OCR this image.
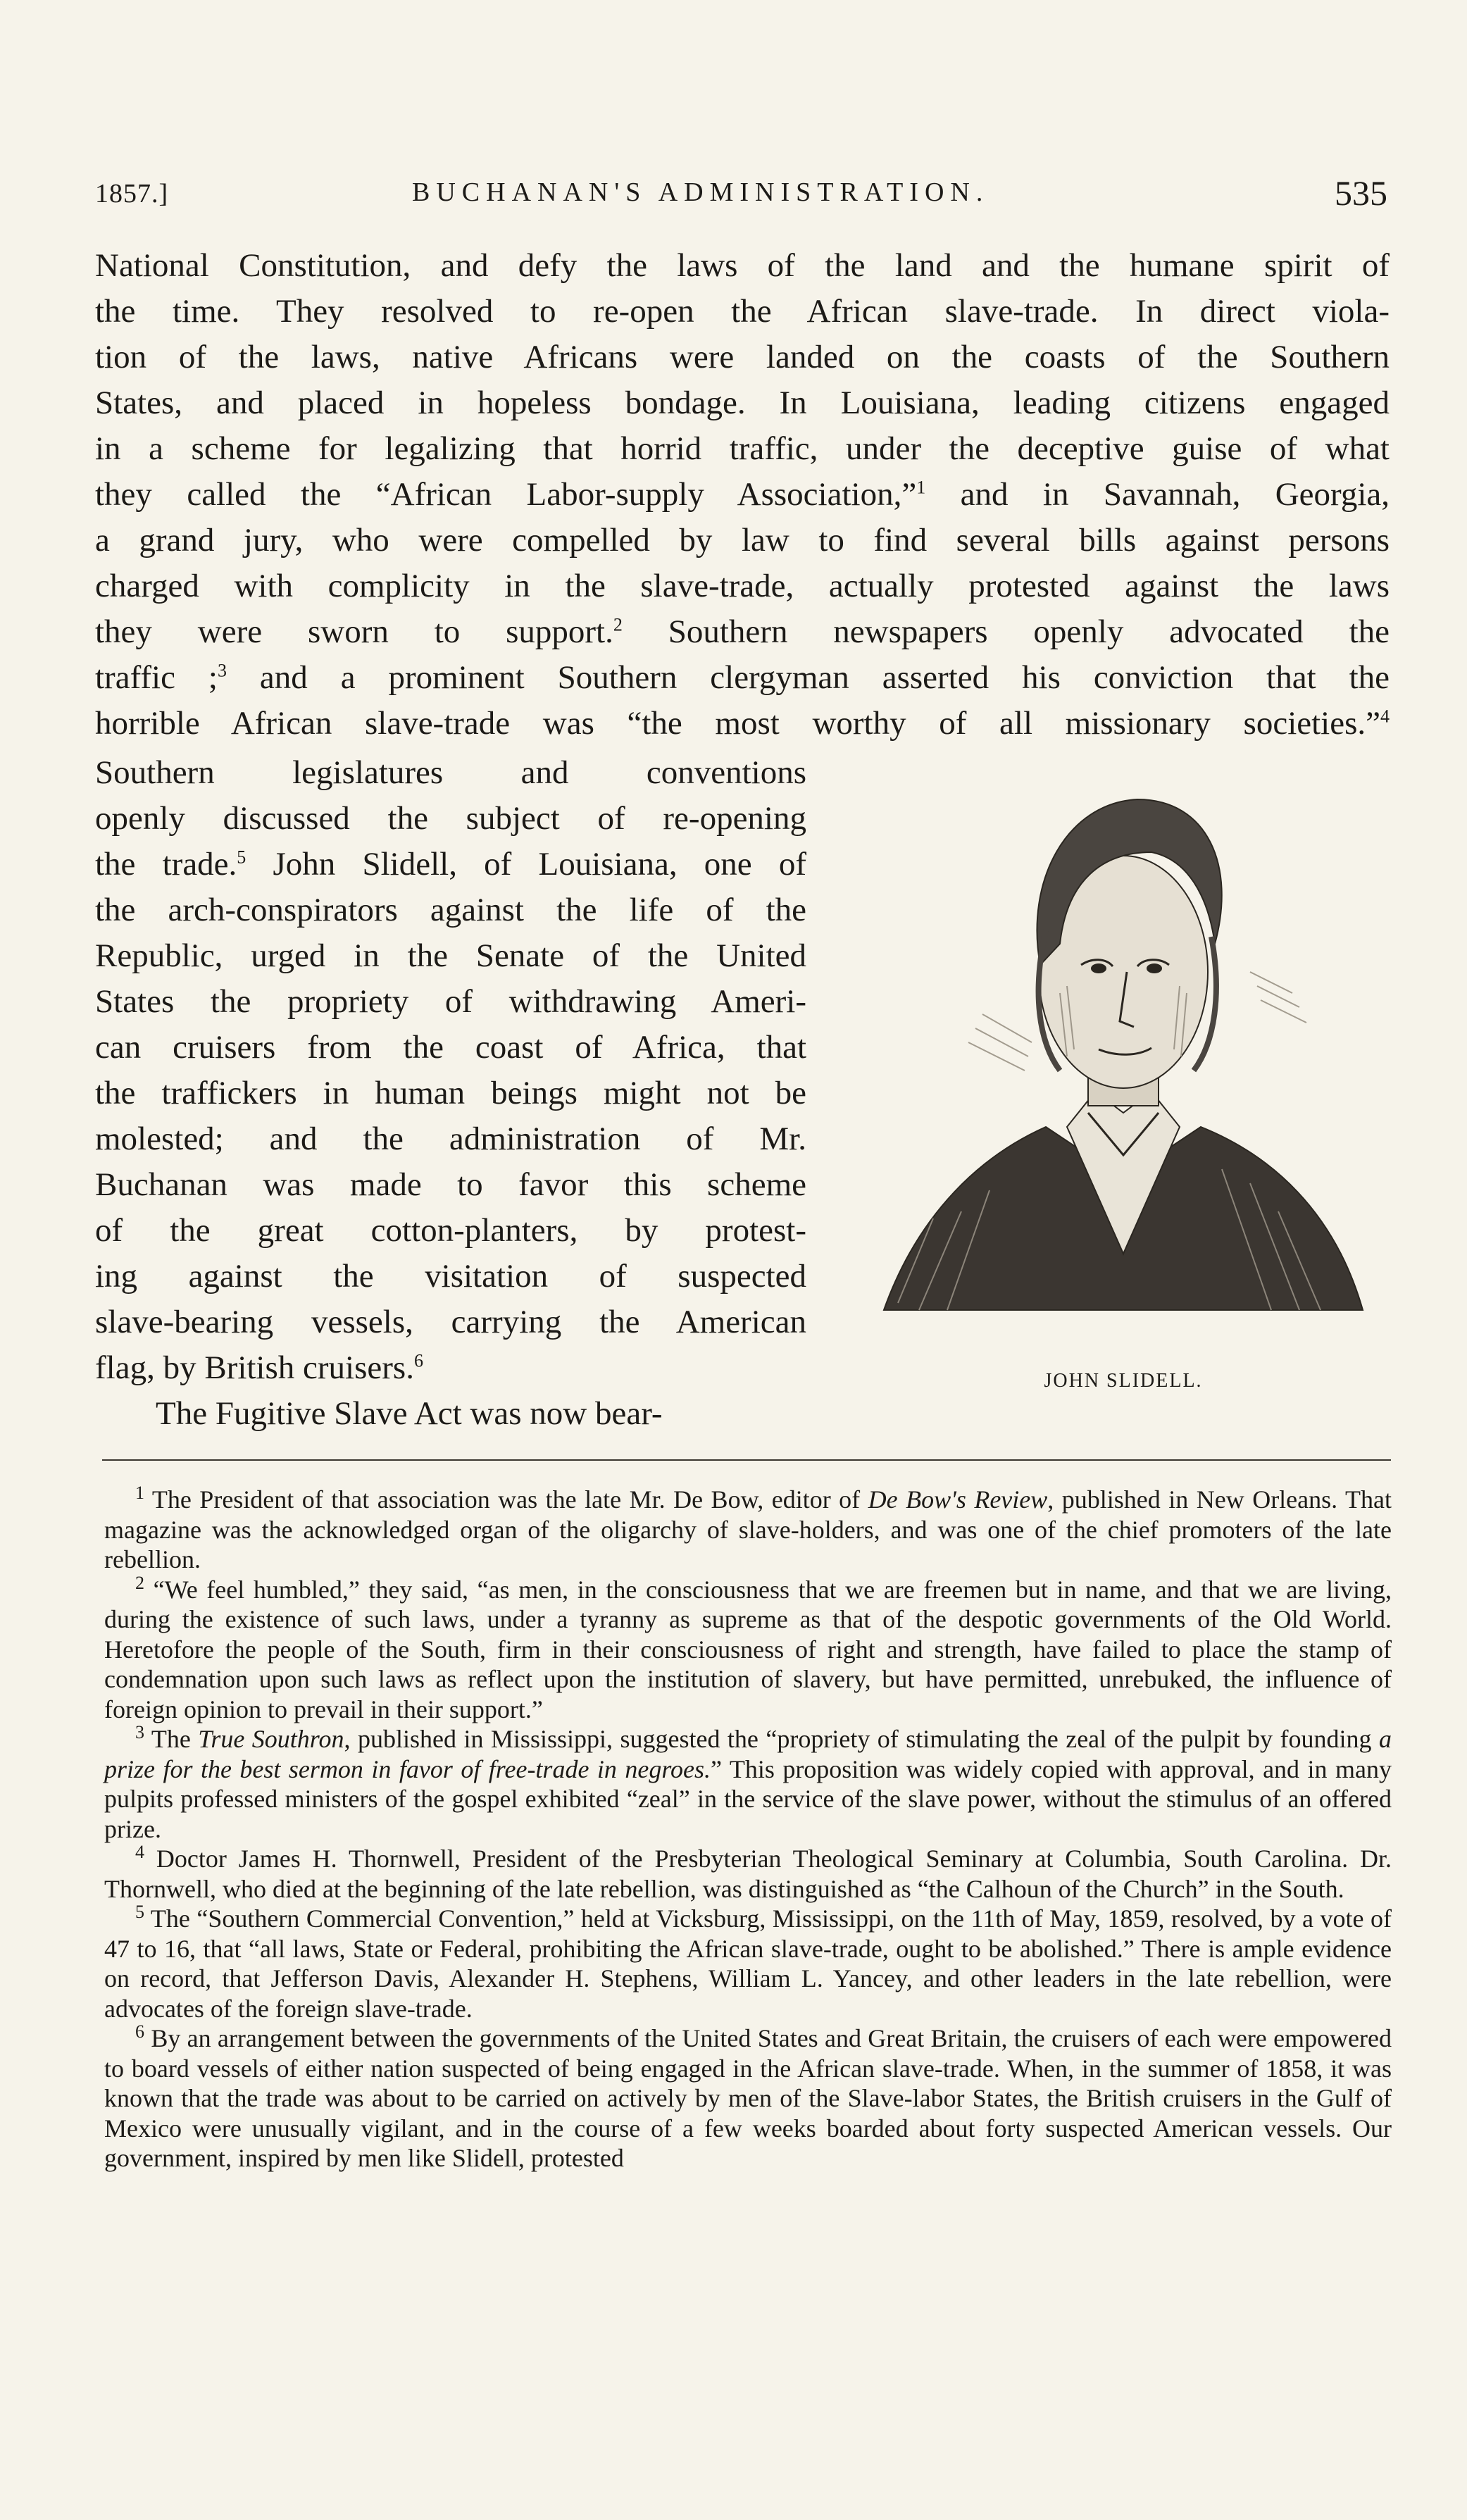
1857.]	BUCHANAN'S ADMINISTRATION.	535
National Constitution, and defy the laws of the land and the humane spirit of
the time. They resolved to re-open the African slave-trade. In direct viola-
tion of the laws, native Africans were landed on the coasts of the Southern
States, and placed in hopeless bondage. In Louisiana, leading citizens engaged
in a scheme for legalizing that horrid traffic, under the deceptive guise of what
they called the “African Labor-supply Association,”$^1$ and in Savannah, Georgia,
a grand jury, who were compelled by law to find several bills against persons
charged with complicity in the slave-trade, actually protested against the laws
they were sworn to support.$^2$ Southern newspapers openly advocated the
traffic ;$^3$ and a prominent Southern clergyman asserted his conviction that the
horrible African slave-trade was “the most worthy of all missionary societies.”$^4$
Southern legislatures and conventions
openly discussed the subject of re-opening
the trade.$^5$ John Slidell, of Louisiana, one of
the arch-conspirators against the life of the
Republic, urged in the Senate of the United
States the propriety of withdrawing Ameri-
can cruisers from the coast of Africa, that
the traffickers in human beings might not be
molested; and the administration of Mr.
Buchanan was made to favor this scheme
of the great cotton-planters, by protest-
ing against the visitation of suspected
slave-bearing vessels, carrying the American
flag, by British cruisers.$^6$
The Fugitive Slave Act was now bear-
JOHN SLIDELL.
$^1$ The President of that association was the late Mr. De Bow, editor of De Bow's Review, published in New Orleans. That magazine was the acknowledged organ of the oligarchy of slave-holders, and was one of the chief promoters of the late rebellion.
$^2$ “We feel humbled,” they said, “as men, in the consciousness that we are freemen but in name, and that we are living, during the existence of such laws, under a tyranny as supreme as that of the despotic governments of the Old World. Heretofore the people of the South, firm in their consciousness of right and strength, have failed to place the stamp of condemnation upon such laws as reflect upon the institution of slavery, but have permitted, unrebuked, the influence of foreign opinion to prevail in their support.”
$^3$ The True Southron, published in Mississippi, suggested the “propriety of stimulating the zeal of the pulpit by founding a prize for the best sermon in favor of free-trade in negroes.” This proposition was widely copied with approval, and in many pulpits professed ministers of the gospel exhibited “zeal” in the service of the slave power, without the stimulus of an offered prize.
$^4$ Doctor James H. Thornwell, President of the Presbyterian Theological Seminary at Columbia, South Carolina. Dr. Thornwell, who died at the beginning of the late rebellion, was distinguished as “the Calhoun of the Church” in the South.
$^5$ The “Southern Commercial Convention,” held at Vicksburg, Mississippi, on the 11th of May, 1859, resolved, by a vote of 47 to 16, that “all laws, State or Federal, prohibiting the African slave-trade, ought to be abolished.” There is ample evidence on record, that Jefferson Davis, Alexander H. Stephens, William L. Yancey, and other leaders in the late rebellion, were advocates of the foreign slave-trade.
$^6$ By an arrangement between the governments of the United States and Great Britain, the cruisers of each were empowered to board vessels of either nation suspected of being engaged in the African slave-trade. When, in the summer of 1858, it was known that the trade was about to be carried on actively by men of the Slave-labor States, the British cruisers in the Gulf of Mexico were unusually vigilant, and in the course of a few weeks boarded about forty suspected American vessels. Our government, inspired by men like Slidell, protested
